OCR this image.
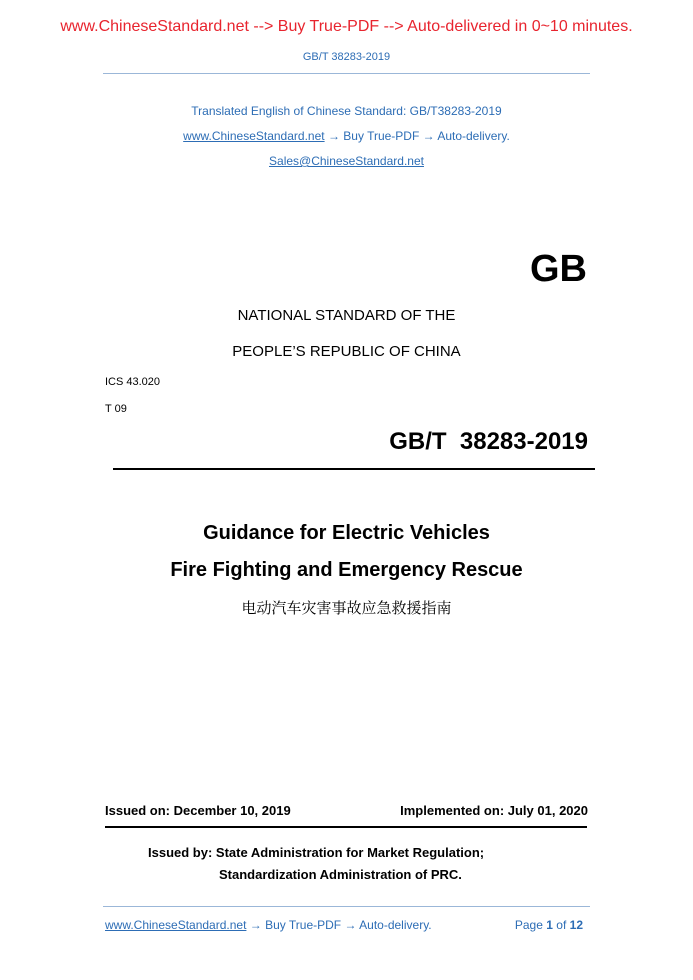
www.ChineseStandard.net --> Buy True-PDF --> Auto-delivered in 0~10 minutes.
GB/T 38283-2019
Translated English of Chinese Standard: GB/T38283-2019
www.ChineseStandard.net → Buy True-PDF → Auto-delivery.
Sales@ChineseStandard.net
GB
NATIONAL STANDARD OF THE
PEOPLE’S REPUBLIC OF CHINA
ICS 43.020
T 09
GB/T  38283-2019
Guidance for Electric Vehicles
Fire Fighting and Emergency Rescue
电动汽车灾害事故应急救援指南
Issued on: December 10, 2019	Implemented on: July 01, 2020
Issued by: State Administration for Market Regulation;
Standardization Administration of PRC.
www.ChineseStandard.net → Buy True-PDF → Auto-delivery.	Page 1 of 12
